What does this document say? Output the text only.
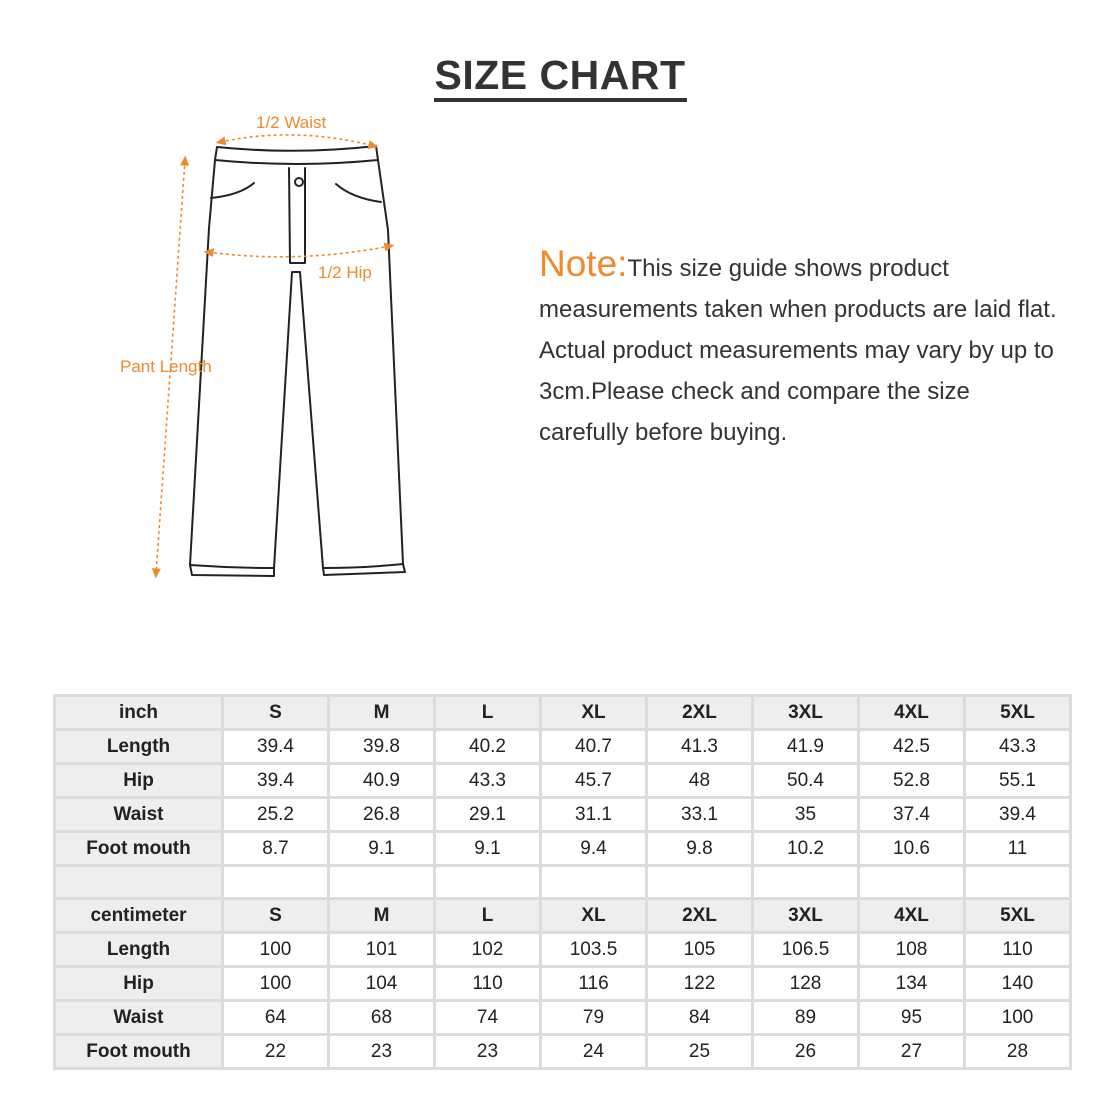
SIZE CHART
1/2 Waist
1/2 Hip
Pant Length
Note:This size guide shows product measurements taken when products are laid flat. Actual product measurements may vary by up to 3cm.Please check and compare the size carefully before buying.
inch	S	M	L	XL	2XL	3XL	4XL	5XL
Length	39.4	39.8	40.2	40.7	41.3	41.9	42.5	43.3
Hip	39.4	40.9	43.3	45.7	48	50.4	52.8	55.1
Waist	25.2	26.8	29.1	31.1	33.1	35	37.4	39.4
Foot mouth	8.7	9.1	9.1	9.4	9.8	10.2	10.6	11

centimeter	S	M	L	XL	2XL	3XL	4XL	5XL
Length	100	101	102	103.5	105	106.5	108	110
Hip	100	104	110	116	122	128	134	140
Waist	64	68	74	79	84	89	95	100
Foot mouth	22	23	23	24	25	26	27	28
